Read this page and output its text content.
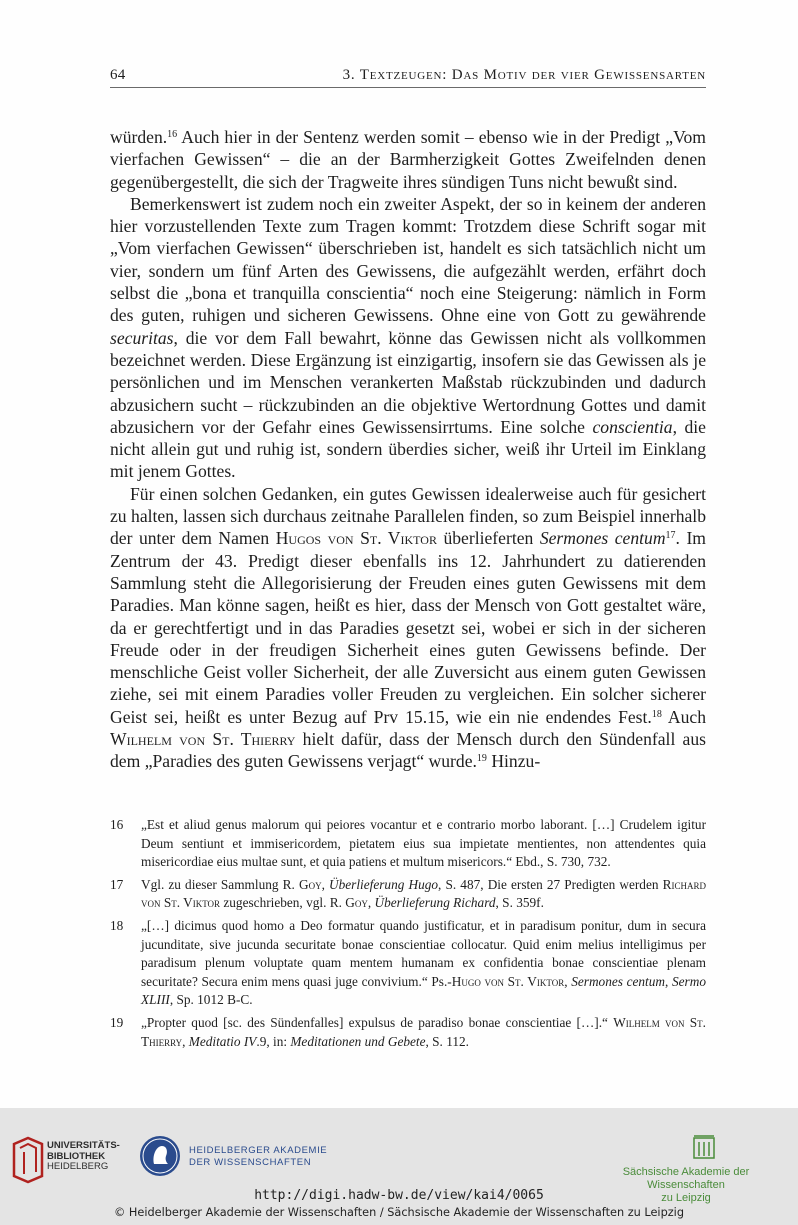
64	3. Textzeugen: Das Motiv der vier Gewissensarten

würden.$^{16}$ Auch hier in der Sentenz werden somit – ebenso wie in der Predigt „Vom vierfachen Gewissen“ – die an der Barmherzigkeit Gottes Zweifelnden denen gegenübergestellt, die sich der Tragweite ihres sündigen Tuns nicht bewußt sind.

Bemerkenswert ist zudem noch ein zweiter Aspekt, der so in keinem der anderen hier vorzustellenden Texte zum Tragen kommt: Trotzdem diese Schrift sogar mit „Vom vierfachen Gewissen“ überschrieben ist, handelt es sich tatsächlich nicht um vier, sondern um fünf Arten des Gewissens, die aufgezählt werden, erfährt doch selbst die „bona et tranquilla conscientia“ noch eine Steigerung: nämlich in Form des guten, ruhigen und sicheren Gewissens. Ohne eine von Gott zu gewährende securitas, die vor dem Fall bewahrt, könne das Gewissen nicht als vollkommen bezeichnet werden. Diese Ergänzung ist einzigartig, insofern sie das Gewissen als je persönlichen und im Menschen verankerten Maßstab rückzubinden und dadurch abzusichern sucht – rückzubinden an die objektive Wertordnung Gottes und damit abzusichern vor der Gefahr eines Gewissensirrtums. Eine solche conscientia, die nicht allein gut und ruhig ist, sondern überdies sicher, weiß ihr Urteil im Einklang mit jenem Gottes.

Für einen solchen Gedanken, ein gutes Gewissen idealerweise auch für gesichert zu halten, lassen sich durchaus zeitnahe Parallelen finden, so zum Beispiel innerhalb der unter dem Namen Hugos von St. Viktor überlieferten Sermones centum$^{17}$. Im Zentrum der 43. Predigt dieser ebenfalls ins 12. Jahrhundert zu datierenden Sammlung steht die Allegorisierung der Freuden eines guten Gewissens mit dem Paradies. Man könne sagen, heißt es hier, dass der Mensch von Gott gestaltet wäre, da er gerechtfertigt und in das Paradies gesetzt sei, wobei er sich in der sicheren Freude oder in der freudigen Sicherheit eines guten Gewissens befinde. Der menschliche Geist voller Sicherheit, der alle Zuversicht aus einem guten Gewissen ziehe, sei mit einem Paradies voller Freuden zu vergleichen. Ein solcher sicherer Geist sei, heißt es unter Bezug auf Prv 15.15, wie ein nie endendes Fest.$^{18}$ Auch Wilhelm von St. Thierry hielt dafür, dass der Mensch durch den Sündenfall aus dem „Paradies des guten Gewissens verjagt“ wurde.$^{19}$ Hinzu-

16 „Est et aliud genus malorum qui peiores vocantur et e contrario morbo laborant. […] Crudelem igitur Deum sentiunt et immisericordem, pietatem eius sua impietate mentientes, non attendentes quia misericordiae eius multae sunt, et quia patiens et multum misericors.“ Ebd., S. 730, 732.
17 Vgl. zu dieser Sammlung R. Goy, Überlieferung Hugo, S. 487, Die ersten 27 Predigten werden Richard von St. Viktor zugeschrieben, vgl. R. Goy, Überlieferung Richard, S. 359f.
18 „[…] dicimus quod homo a Deo formatur quando justificatur, et in paradisum ponitur, dum in secura jucunditate, sive jucunda securitate bonae conscientiae collocatur. Quid enim melius intelligimus per paradisum plenum voluptate quam mentem humanam ex confidentia bonae conscientiae plenam securitate? Secura enim mens quasi juge convivium.“ Ps.-Hugo von St. Viktor, Sermones centum, Sermo XLIII, Sp. 1012 B-C.
19 „Propter quod [sc. des Sündenfalles] expulsus de paradiso bonae conscientiae […].“ Wilhelm von St. Thierry, Meditatio IV.9, in: Meditationen und Gebete, S. 112.
UNIVERSITÄTS-
BIBLIOTHEK
HEIDELBERG
HEIDELBERGER AKADEMIE
DER WISSENSCHAFTEN
Sächsische Akademie der Wissenschaften
zu Leipzig
http://digi.hadw-bw.de/view/kai4/0065
© Heidelberger Akademie der Wissenschaften / Sächsische Akademie der Wissenschaften zu Leipzig
